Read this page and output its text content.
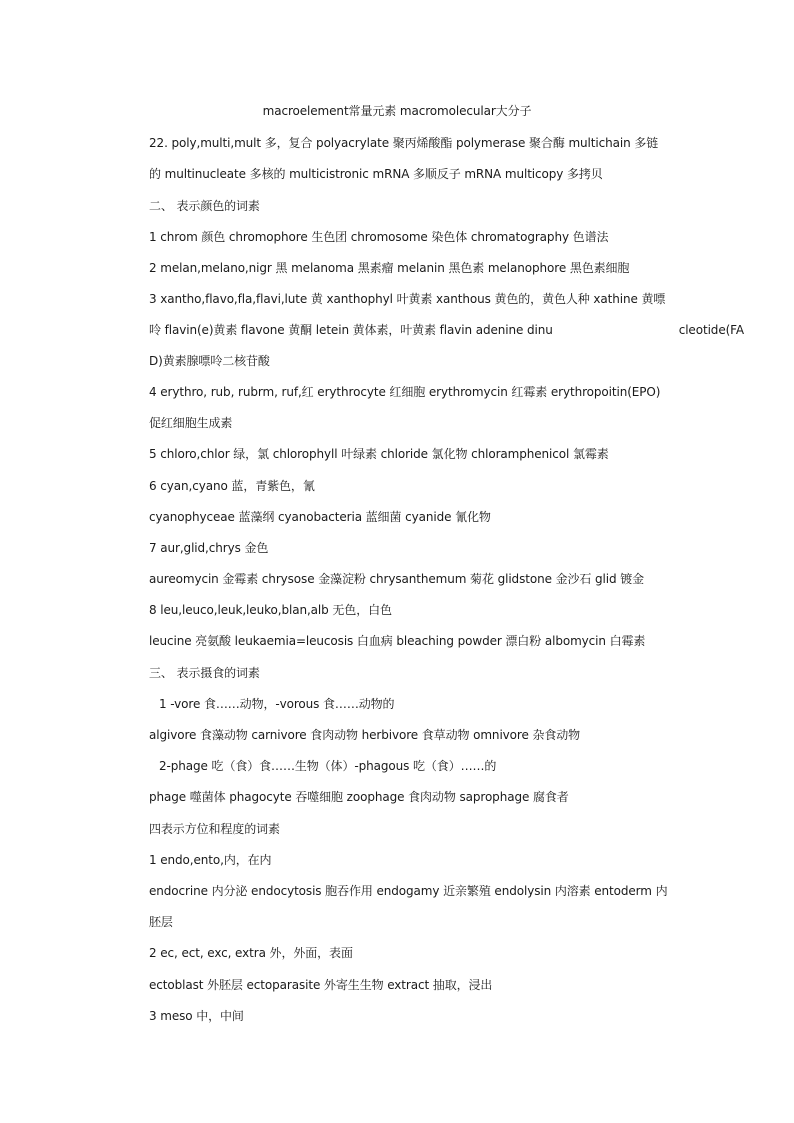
macroelement常量元素 macromolecular大分子
22. poly,multi,mult 多，复合 polyacrylate 聚丙烯酸酯 polymerase 聚合酶 multichain 多链
的 multinucleate 多核的 multicistronic mRNA 多顺反子 mRNA multicopy 多拷贝
二、 表示颜色的词素
1 chrom 颜色 chromophore 生色团 chromosome 染色体 chromatography 色谱法
2 melan,melano,nigr 黑 melanoma 黑素瘤 melanin 黑色素 melanophore 黑色素细胞
3 xantho,flavo,fla,flavi,lute 黄 xanthophyl 叶黄素 xanthous 黄色的，黄色人种 xathine 黄嘌
呤 flavin(e)黄素 flavone 黄酮 letein 黄体素，叶黄素 flavin adenine dinu	cleotide(FA
D)黄素腺嘌呤二核苷酸
4 erythro, rub, rubrm, ruf,红 erythrocyte 红细胞 erythromycin 红霉素 erythropoitin(EPO)
促红细胞生成素
5 chloro,chlor 绿，氯 chlorophyll 叶绿素 chloride 氯化物 chloramphenicol 氯霉素
6 cyan,cyano 蓝，青紫色，氰
cyanophyceae 蓝藻纲 cyanobacteria 蓝细菌 cyanide 氰化物
7 aur,glid,chrys 金色
aureomycin 金霉素 chrysose 金藻淀粉 chrysanthemum 菊花 glidstone 金沙石 glid 镀金
8 leu,leuco,leuk,leuko,blan,alb 无色，白色
leucine 亮氨酸 leukaemia=leucosis 白血病 bleaching powder 漂白粉 albomycin 白霉素
三、 表示摄食的词素
1 -vore 食……动物，-vorous 食……动物的
algivore 食藻动物 carnivore 食肉动物 herbivore 食草动物 omnivore 杂食动物
2-phage 吃（食）食……生物（体）-phagous 吃（食）……的
phage 噬菌体 phagocyte 吞噬细胞 zoophage 食肉动物 saprophage 腐食者
四表示方位和程度的词素
1 endo,ento,内，在内
endocrine 内分泌 endocytosis 胞吞作用 endogamy 近亲繁殖 endolysin 内溶素 entoderm 内
胚层
2 ec, ect, exc, extra 外，外面，表面
ectoblast 外胚层 ectoparasite 外寄生生物 extract 抽取，浸出
3 meso 中，中间
